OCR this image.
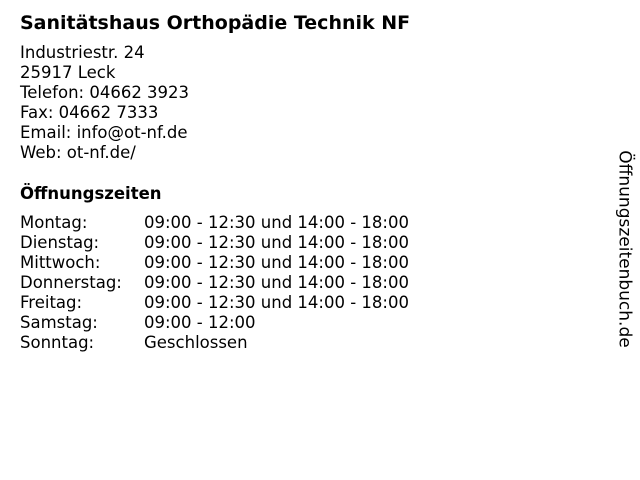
Sanitätshaus Orthopädie Technik NF
Industriestr. 24
25917 Leck
Telefon: 04662 3923
Fax: 04662 7333
Email: info@ot-nf.de
Web: ot-nf.de/
Öffnungszeiten
Montag:	09:00 - 12:30 und 14:00 - 18:00
Dienstag:	09:00 - 12:30 und 14:00 - 18:00
Mittwoch:	09:00 - 12:30 und 14:00 - 18:00
Donnerstag:	09:00 - 12:30 und 14:00 - 18:00
Freitag:	09:00 - 12:30 und 14:00 - 18:00
Samstag:	09:00 - 12:00
Sonntag:	Geschlossen	Öffnungszeitenbuch.de
